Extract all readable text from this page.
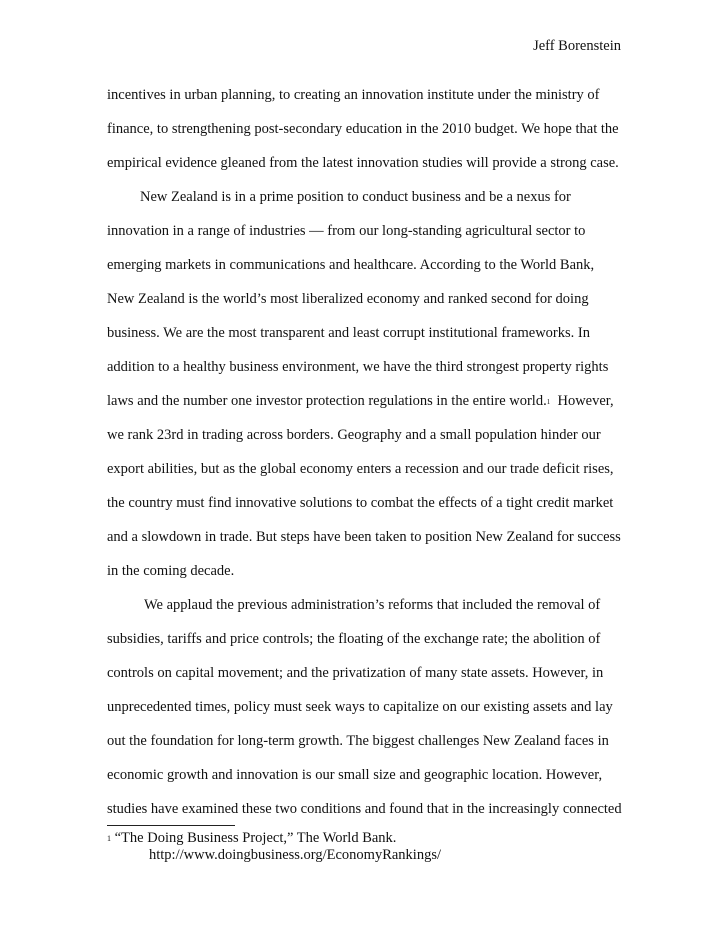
Jeff Borenstein
incentives in urban planning, to creating an innovation institute under the ministry of
finance, to strengthening post-secondary education in the 2010 budget. We hope that the
empirical evidence gleaned from the latest innovation studies will provide a strong case.
New Zealand is in a prime position to conduct business and be a nexus for
innovation in a range of industries — from our long-standing agricultural sector to
emerging markets in communications and healthcare. According to the World Bank,
New Zealand is the world’s most liberalized economy and ranked second for doing
business. We are the most transparent and least corrupt institutional frameworks. In
addition to a healthy business environment, we have the third strongest property rights
laws and the number one investor protection regulations in the entire world.$^1$  However,
we rank 23rd in trading across borders. Geography and a small population hinder our
export abilities, but as the global economy enters a recession and our trade deficit rises,
the country must find innovative solutions to combat the effects of a tight credit market
and a slowdown in trade. But steps have been taken to position New Zealand for success
in the coming decade.
We applaud the previous administration’s reforms that included the removal of
subsidies, tariffs and price controls; the floating of the exchange rate; the abolition of
controls on capital movement; and the privatization of many state assets. However, in
unprecedented times, policy must seek ways to capitalize on our existing assets and lay
out the foundation for long-term growth. The biggest challenges New Zealand faces in
economic growth and innovation is our small size and geographic location. However,
studies have examined these two conditions and found that in the increasingly connected
$^1$ “The Doing Business Project,” The World Bank.
http://www.doingbusiness.org/EconomyRankings/
